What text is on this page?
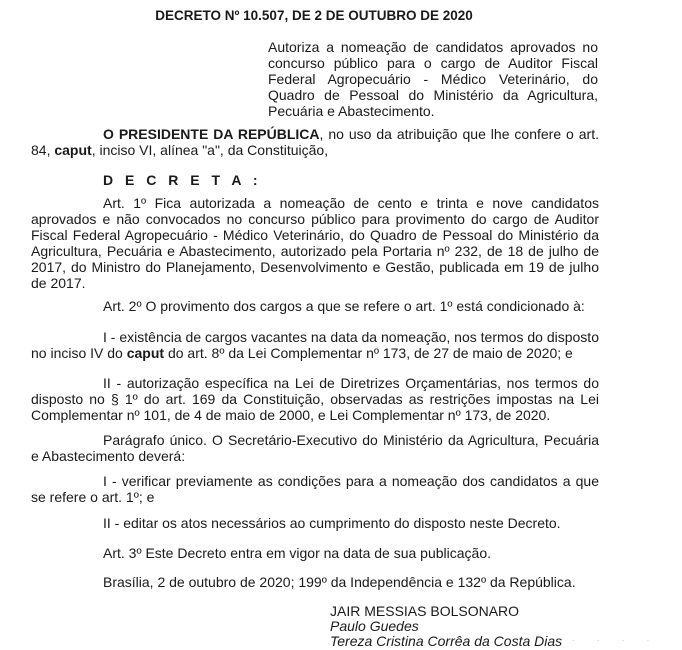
DECRETO Nº 10.507, DE 2 DE OUTUBRO DE 2020

Autoriza a nomeação de candidatos aprovados no concurso público para o cargo de Auditor Fiscal Federal Agropecuário - Médico Veterinário, do Quadro de Pessoal do Ministério da Agricultura, Pecuária e Abastecimento.

O PRESIDENTE DA REPÚBLICA, no uso da atribuição que lhe confere o art. 84, caput, inciso VI, alínea "a", da Constituição,

D E C R E T A :

Art. 1º Fica autorizada a nomeação de cento e trinta e nove candidatos aprovados e não convocados no concurso público para provimento do cargo de Auditor Fiscal Federal Agropecuário - Médico Veterinário, do Quadro de Pessoal do Ministério da Agricultura, Pecuária e Abastecimento, autorizado pela Portaria nº 232, de 18 de julho de 2017, do Ministro do Planejamento, Desenvolvimento e Gestão, publicada em 19 de julho de 2017.

Art. 2º O provimento dos cargos a que se refere o art. 1º está condicionado à:

I - existência de cargos vacantes na data da nomeação, nos termos do disposto no inciso IV do caput do art. 8º da Lei Complementar nº 173, de 27 de maio de 2020; e

II - autorização específica na Lei de Diretrizes Orçamentárias, nos termos do disposto no § 1º do art. 169 da Constituição, observadas as restrições impostas na Lei Complementar nº 101, de 4 de maio de 2000, e Lei Complementar nº 173, de 2020.

Parágrafo único. O Secretário-Executivo do Ministério da Agricultura, Pecuária e Abastecimento deverá:

I - verificar previamente as condições para a nomeação dos candidatos a que se refere o art. 1º; e

II - editar os atos necessários ao cumprimento do disposto neste Decreto.

Art. 3º Este Decreto entra em vigor na data de sua publicação.

Brasília, 2 de outubro de 2020; 199º da Independência e 132º da República.

JAIR MESSIAS BOLSONARO
Paulo Guedes
Tereza Cristina Corrêa da Costa Dias · · · ·
